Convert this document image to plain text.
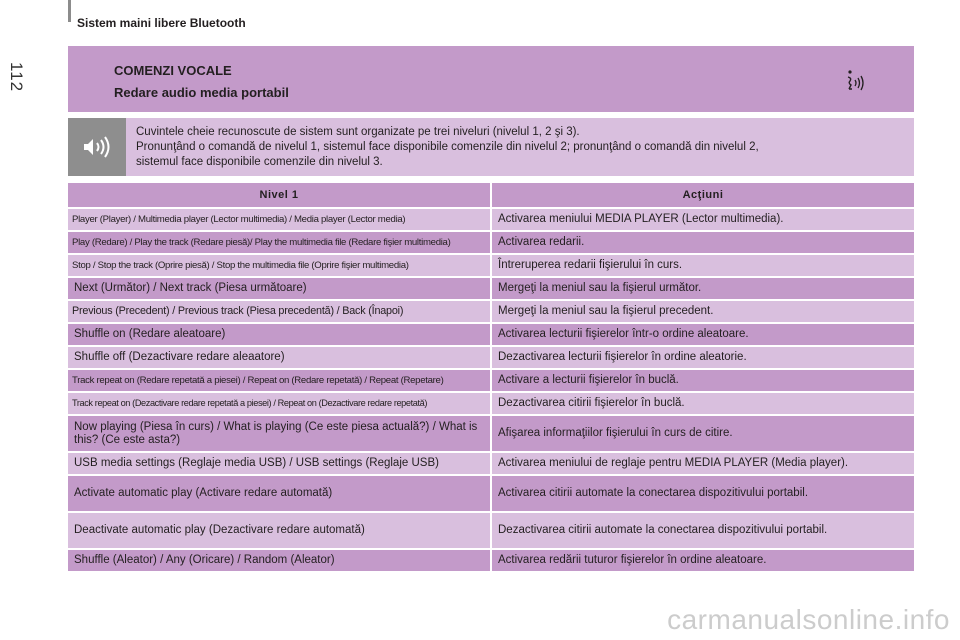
Sistem maini libere Bluetooth
112	COMENZI VOCALE
Redare audio media portabil
Cuvintele cheie recunoscute de sistem sunt organizate pe trei niveluri (nivelul 1, 2 şi 3).
Pronunţând o comandă de nivelul 1, sistemul face disponibile comenzile din nivelul 2; pronunţând o comandă din nivelul 2,
sistemul face disponibile comenzile din nivelul 3.
Nivel 1	Acţiuni
Player (Player) / Multimedia player (Lector multimedia) / Media player (Lector media)	Activarea meniului MEDIA PLAYER (Lector multimedia).
Play (Redare) / Play the track (Redare piesă)/ Play the multimedia file (Redare fişier multimedia)	Activarea redarii.
Stop / Stop the track (Oprire piesă) / Stop the multimedia file (Oprire fişier multimedia)	Întreruperea redarii fişierului în curs.
Next (Următor) / Next track (Piesa următoare)	Mergeţi la meniul sau la fişierul următor.
Previous (Precedent) / Previous track (Piesa precedentă) / Back (Înapoi)	Mergeţi la meniul sau la fişierul precedent.
Shuffle on (Redare aleatoare)	Activarea lecturii fişierelor într-o ordine aleatoare.
Shuffle off (Dezactivare redare aleaatore)	Dezactivarea lecturii fişierelor în ordine aleatorie.
Track repeat on (Redare repetată a piesei) / Repeat on (Redare repetată) / Repeat (Repetare)	Activare a lecturii fişierelor în buclă.
Track repeat on (Dezactivare redare repetată a piesei) / Repeat on (Dezactivare redare repetată)	Dezactivarea citirii fişierelor în buclă.
Now playing (Piesa în curs) / What is playing (Ce este piesa actuală?) / What is this? (Ce este asta?)	Afişarea informaţiilor fişierului în curs de citire.
USB media settings (Reglaje media USB) / USB settings (Reglaje USB)	Activarea meniului de reglaje pentru MEDIA PLAYER (Media player).
Activate automatic play (Activare redare automată)	Activarea citirii automate la conectarea dispozitivului portabil.
Deactivate automatic play (Dezactivare redare automată)	Dezactivarea citirii automate la conectarea dispozitivului portabil.
Shuffle (Aleator) / Any (Oricare) / Random (Aleator)	Activarea redării tuturor fişierelor în ordine aleatoare.
carmanualsonline.info
